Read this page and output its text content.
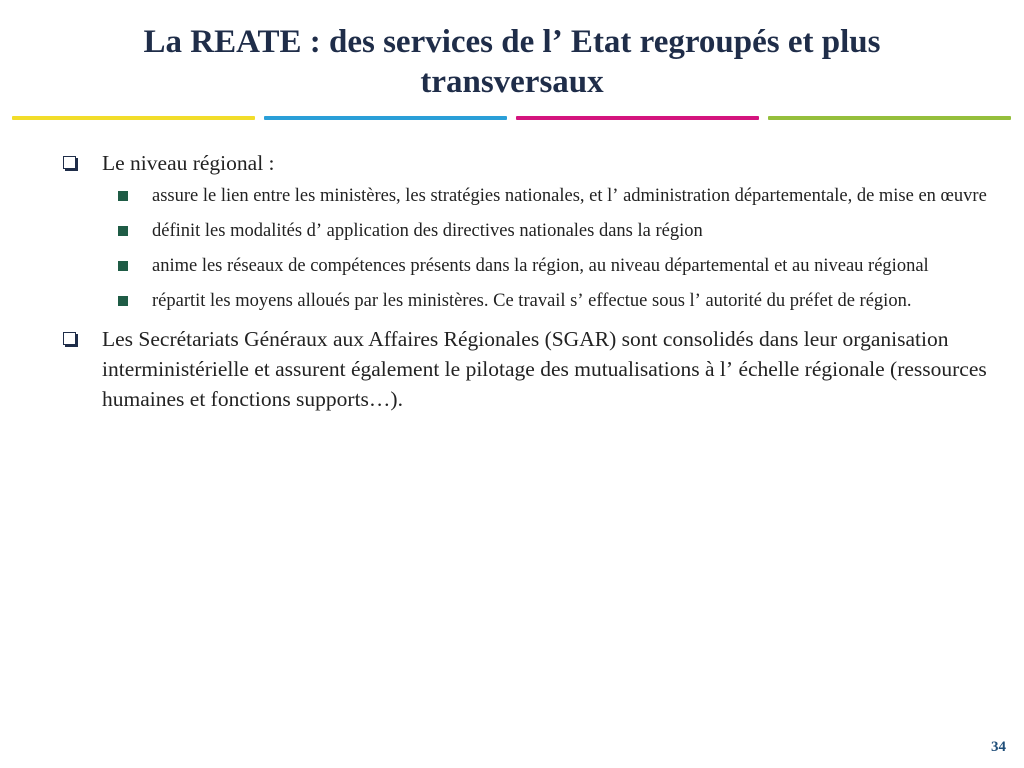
La REATE : des services de lʼ Etat regroupés et plus transversaux
Le niveau régional :
assure le lien entre les ministères, les stratégies nationales, et lʼ administration départementale, de mise en œuvre
définit les modalités dʼ application des directives nationales dans la région
anime les réseaux de compétences présents dans la région, au niveau départemental et au niveau régional
répartit les moyens alloués par les ministères. Ce travail sʼ effectue sous lʼ autorité du préfet de région.
Les Secrétariats Généraux aux Affaires Régionales (SGAR) sont consolidés dans leur organisation interministérielle et assurent également le pilotage des mutualisations à lʼ échelle régionale (ressources humaines et fonctions supports…).
34
